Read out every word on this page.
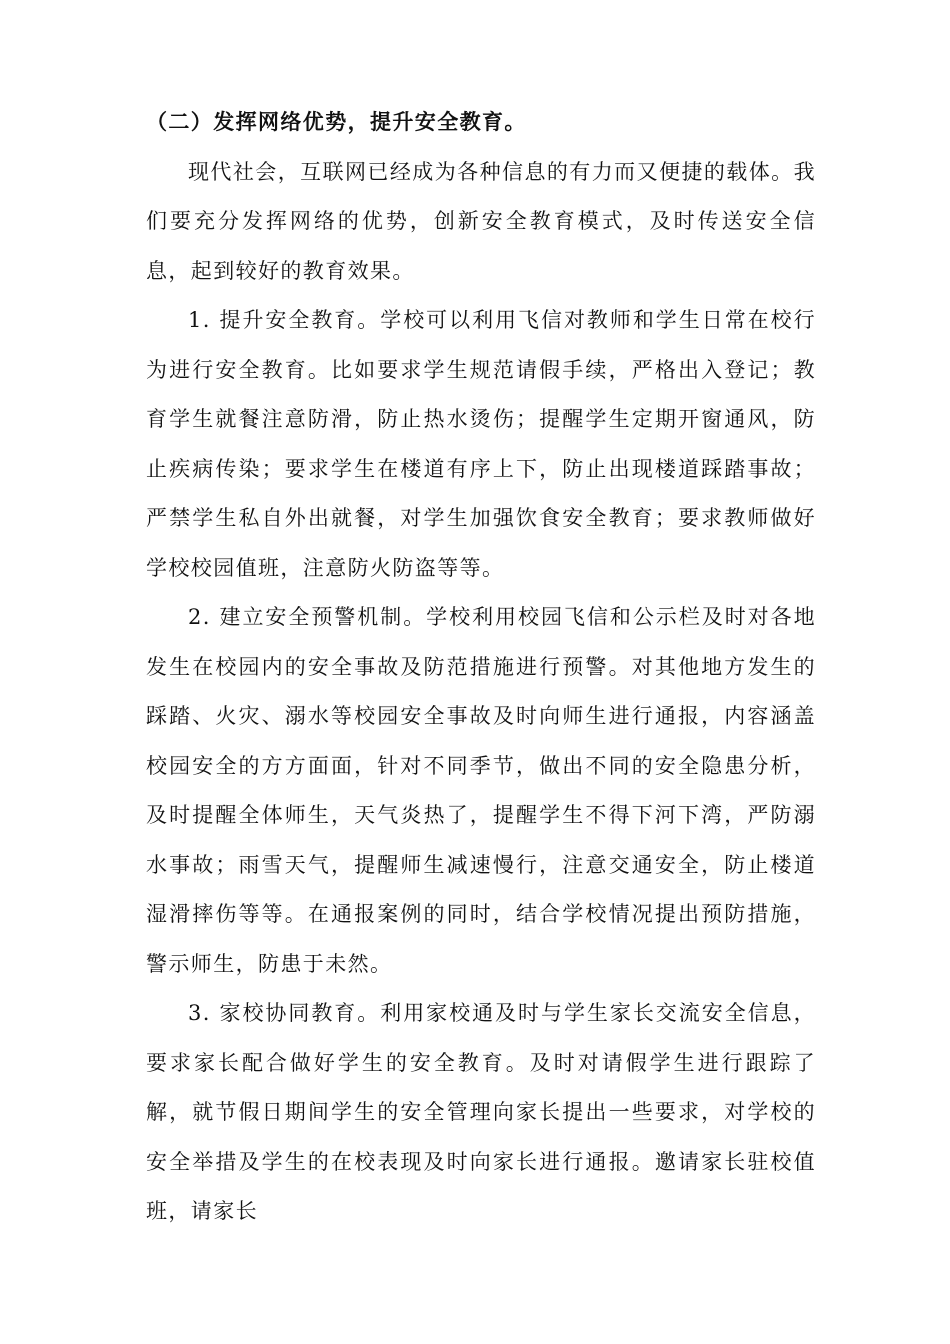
（二）发挥网络优势，提升安全教育。

现代社会，互联网已经成为各种信息的有力而又便捷的载体。我们要充分发挥网络的优势，创新安全教育模式，及时传送安全信息，起到较好的教育效果。

1. 提升安全教育。学校可以利用飞信对教师和学生日常在校行为进行安全教育。比如要求学生规范请假手续，严格出入登记；教育学生就餐注意防滑，防止热水烫伤；提醒学生定期开窗通风，防止疾病传染；要求学生在楼道有序上下，防止出现楼道踩踏事故；严禁学生私自外出就餐，对学生加强饮食安全教育；要求教师做好学校校园值班，注意防火防盗等等。

2. 建立安全预警机制。学校利用校园飞信和公示栏及时对各地发生在校园内的安全事故及防范措施进行预警。对其他地方发生的踩踏、火灾、溺水等校园安全事故及时向师生进行通报，内容涵盖校园安全的方方面面，针对不同季节，做出不同的安全隐患分析，及时提醒全体师生，天气炎热了，提醒学生不得下河下湾，严防溺水事故；雨雪天气，提醒师生减速慢行，注意交通安全，防止楼道湿滑摔伤等等。在通报案例的同时，结合学校情况提出预防措施，警示师生，防患于未然。

3. 家校协同教育。利用家校通及时与学生家长交流安全信息，要求家长配合做好学生的安全教育。及时对请假学生进行跟踪了解，就节假日期间学生的安全管理向家长提出一些要求，对学校的安全举措及学生的在校表现及时向家长进行通报。邀请家长驻校值班，请家长
